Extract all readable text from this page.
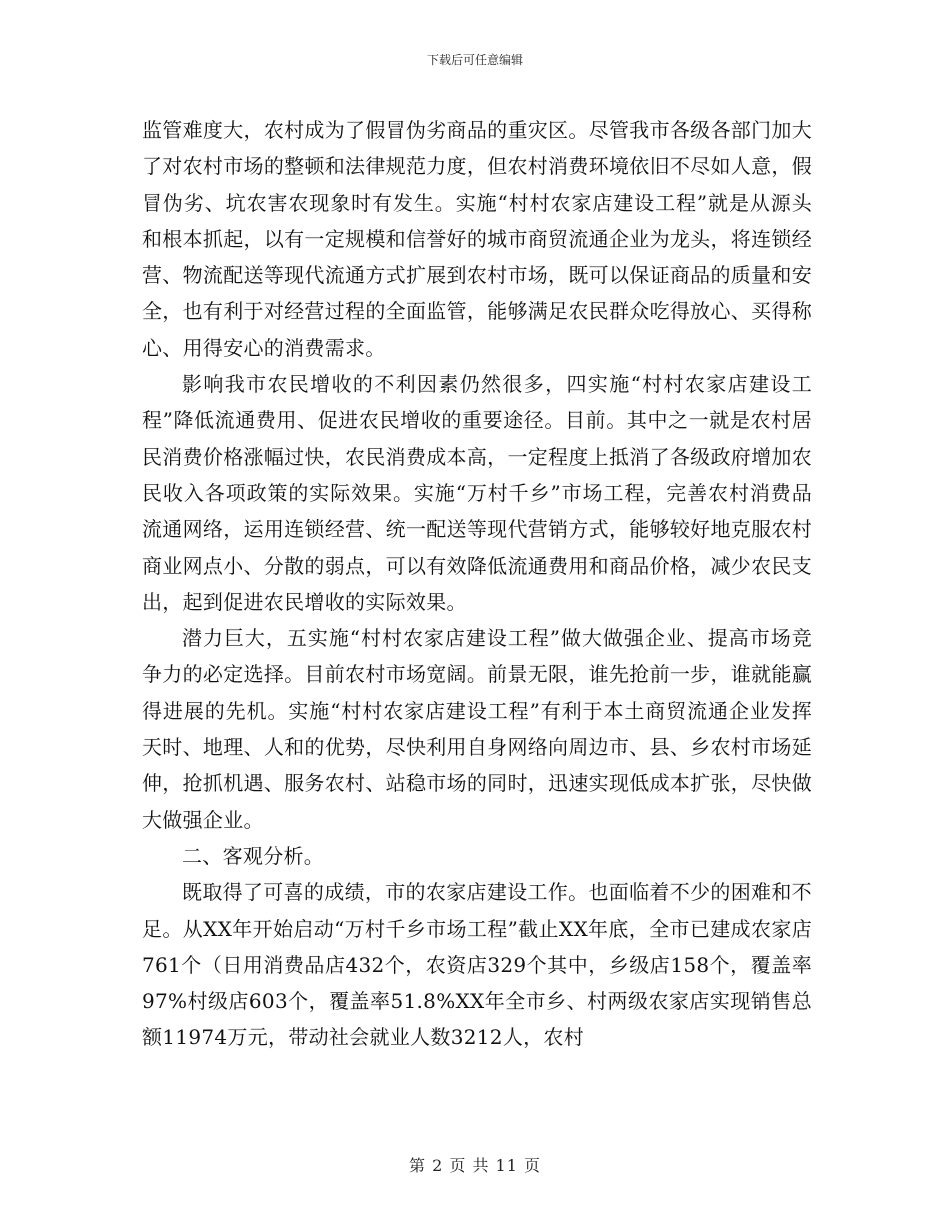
下载后可任意编辑

监管难度大，农村成为了假冒伪劣商品的重灾区。尽管我市各级各部门加大了对农村市场的整顿和法律规范力度，但农村消费环境依旧不尽如人意，假冒伪劣、坑农害农现象时有发生。实施“村村农家店建设工程”就是从源头和根本抓起，以有一定规模和信誉好的城市商贸流通企业为龙头，将连锁经营、物流配送等现代流通方式扩展到农村市场，既可以保证商品的质量和安全，也有利于对经营过程的全面监管，能够满足农民群众吃得放心、买得称心、用得安心的消费需求。

影响我市农民增收的不利因素仍然很多，四实施“村村农家店建设工程”降低流通费用、促进农民增收的重要途径。目前。其中之一就是农村居民消费价格涨幅过快，农民消费成本高，一定程度上抵消了各级政府增加农民收入各项政策的实际效果。实施“万村千乡”市场工程，完善农村消费品流通网络，运用连锁经营、统一配送等现代营销方式，能够较好地克服农村商业网点小、分散的弱点，可以有效降低流通费用和商品价格，减少农民支出，起到促进农民增收的实际效果。

潜力巨大，五实施“村村农家店建设工程”做大做强企业、提高市场竞争力的必定选择。目前农村市场宽阔。前景无限，谁先抢前一步，谁就能赢得进展的先机。实施“村村农家店建设工程”有利于本土商贸流通企业发挥天时、地理、人和的优势，尽快利用自身网络向周边市、县、乡农村市场延伸，抢抓机遇、服务农村、站稳市场的同时，迅速实现低成本扩张，尽快做大做强企业。

二、客观分析。

既取得了可喜的成绩，市的农家店建设工作。也面临着不少的困难和不足。从XX年开始启动“万村千乡市场工程”截止XX年底，全市已建成农家店761个（日用消费品店432个，农资店329个其中，乡级店158个，覆盖率97%村级店603个，覆盖率51.8%XX年全市乡、村两级农家店实现销售总额11974万元，带动社会就业人数3212人，农村

第 2 页 共 11 页
